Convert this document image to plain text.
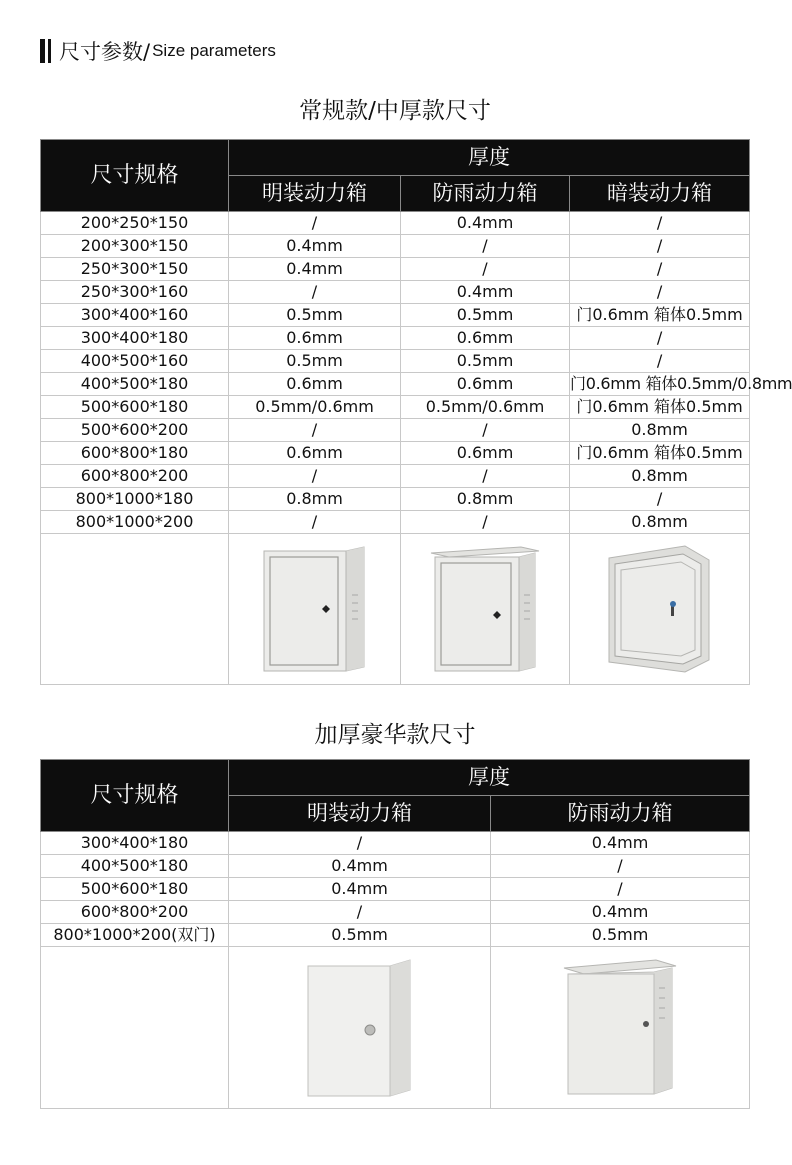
尺寸参数/ Size parameters
常规款/中厚款尺寸
尺寸规格	厚度		
	明装动力箱	防雨动力箱	暗装动力箱
200*250*150	/	0.4mm	/
200*300*150	0.4mm	/	/
250*300*150	0.4mm	/	/
250*300*160	/	0.4mm	/
300*400*160	0.5mm	0.5mm	门0.6mm 箱体0.5mm
300*400*180	0.6mm	0.6mm	/
400*500*160	0.5mm	0.5mm	/
400*500*180	0.6mm	0.6mm	门0.6mm 箱体0.5mm/0.8mm
500*600*180	0.5mm/0.6mm	0.5mm/0.6mm	门0.6mm 箱体0.5mm
500*600*200	/	/	0.8mm
600*800*180	0.6mm	0.6mm	门0.6mm 箱体0.5mm
600*800*200	/	/	0.8mm
800*1000*180	0.8mm	0.8mm	/
800*1000*200	/	/	0.8mm

加厚豪华款尺寸
尺寸规格	厚度	
	明装动力箱	防雨动力箱
300*400*180	/	0.4mm
400*500*180	0.4mm	/
500*600*180	0.4mm	/
600*800*200	/	0.4mm
800*1000*200(双门)	0.5mm	0.5mm
